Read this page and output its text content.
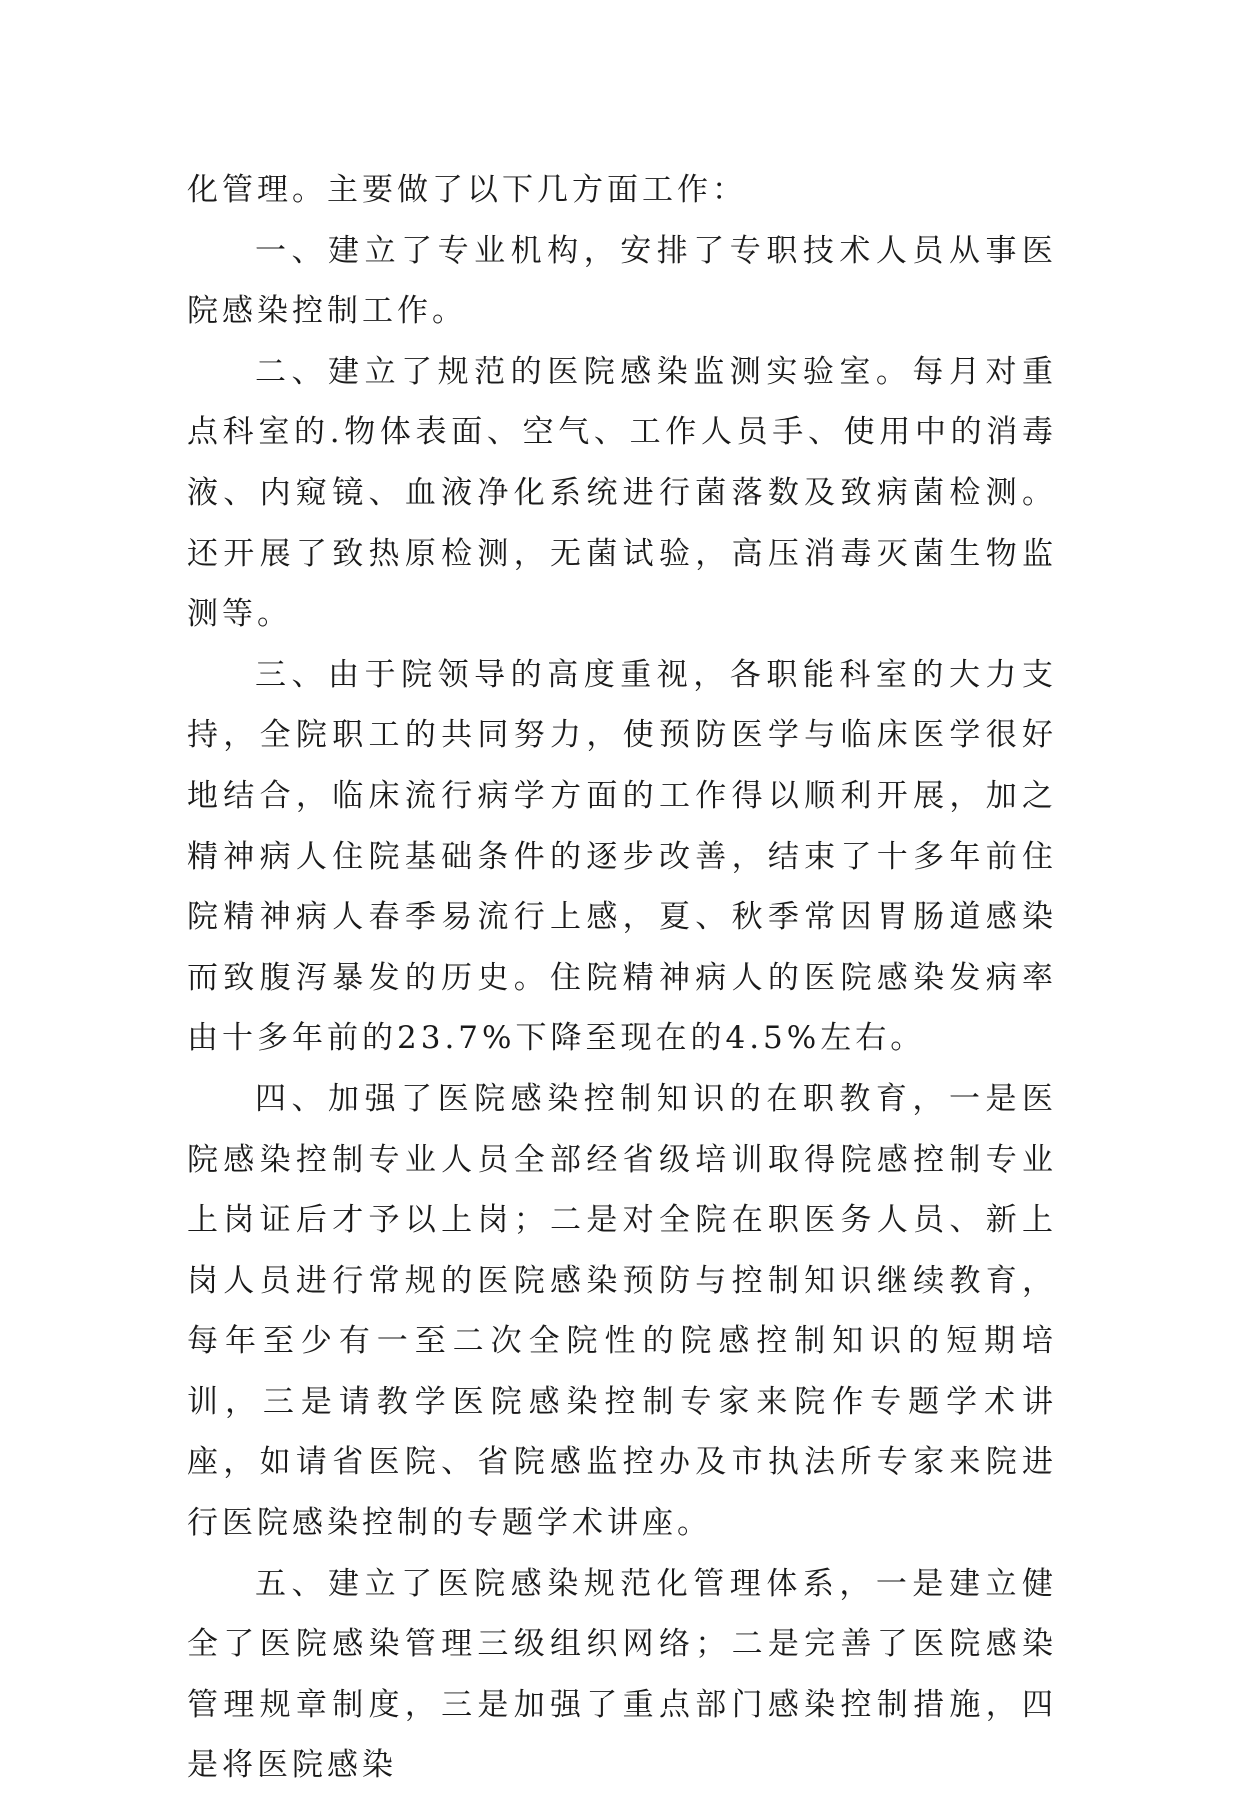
化管理。主要做了以下几方面工作：

一、建立了专业机构，安排了专职技术人员从事医院感染控制工作。

二、建立了规范的医院感染监测实验室。每月对重点科室的.物体表面、空气、工作人员手、使用中的消毒液、内窥镜、血液净化系统进行菌落数及致病菌检测。还开展了致热原检测，无菌试验，高压消毒灭菌生物监测等。

三、由于院领导的高度重视，各职能科室的大力支持，全院职工的共同努力，使预防医学与临床医学很好地结合，临床流行病学方面的工作得以顺利开展，加之精神病人住院基础条件的逐步改善，结束了十多年前住院精神病人春季易流行上感，夏、秋季常因胃肠道感染而致腹泻暴发的历史。住院精神病人的医院感染发病率由十多年前的23.7%下降至现在的4.5%左右。

四、加强了医院感染控制知识的在职教育，一是医院感染控制专业人员全部经省级培训取得院感控制专业上岗证后才予以上岗；二是对全院在职医务人员、新上岗人员进行常规的医院感染预防与控制知识继续教育，每年至少有一至二次全院性的院感控制知识的短期培训，三是请教学医院感染控制专家来院作专题学术讲座，如请省医院、省院感监控办及市执法所专家来院进行医院感染控制的专题学术讲座。

五、建立了医院感染规范化管理体系，一是建立健全了医院感染管理三级组织网络；二是完善了医院感染管理规章制度，三是加强了重点部门感染控制措施，四是将医院感染
